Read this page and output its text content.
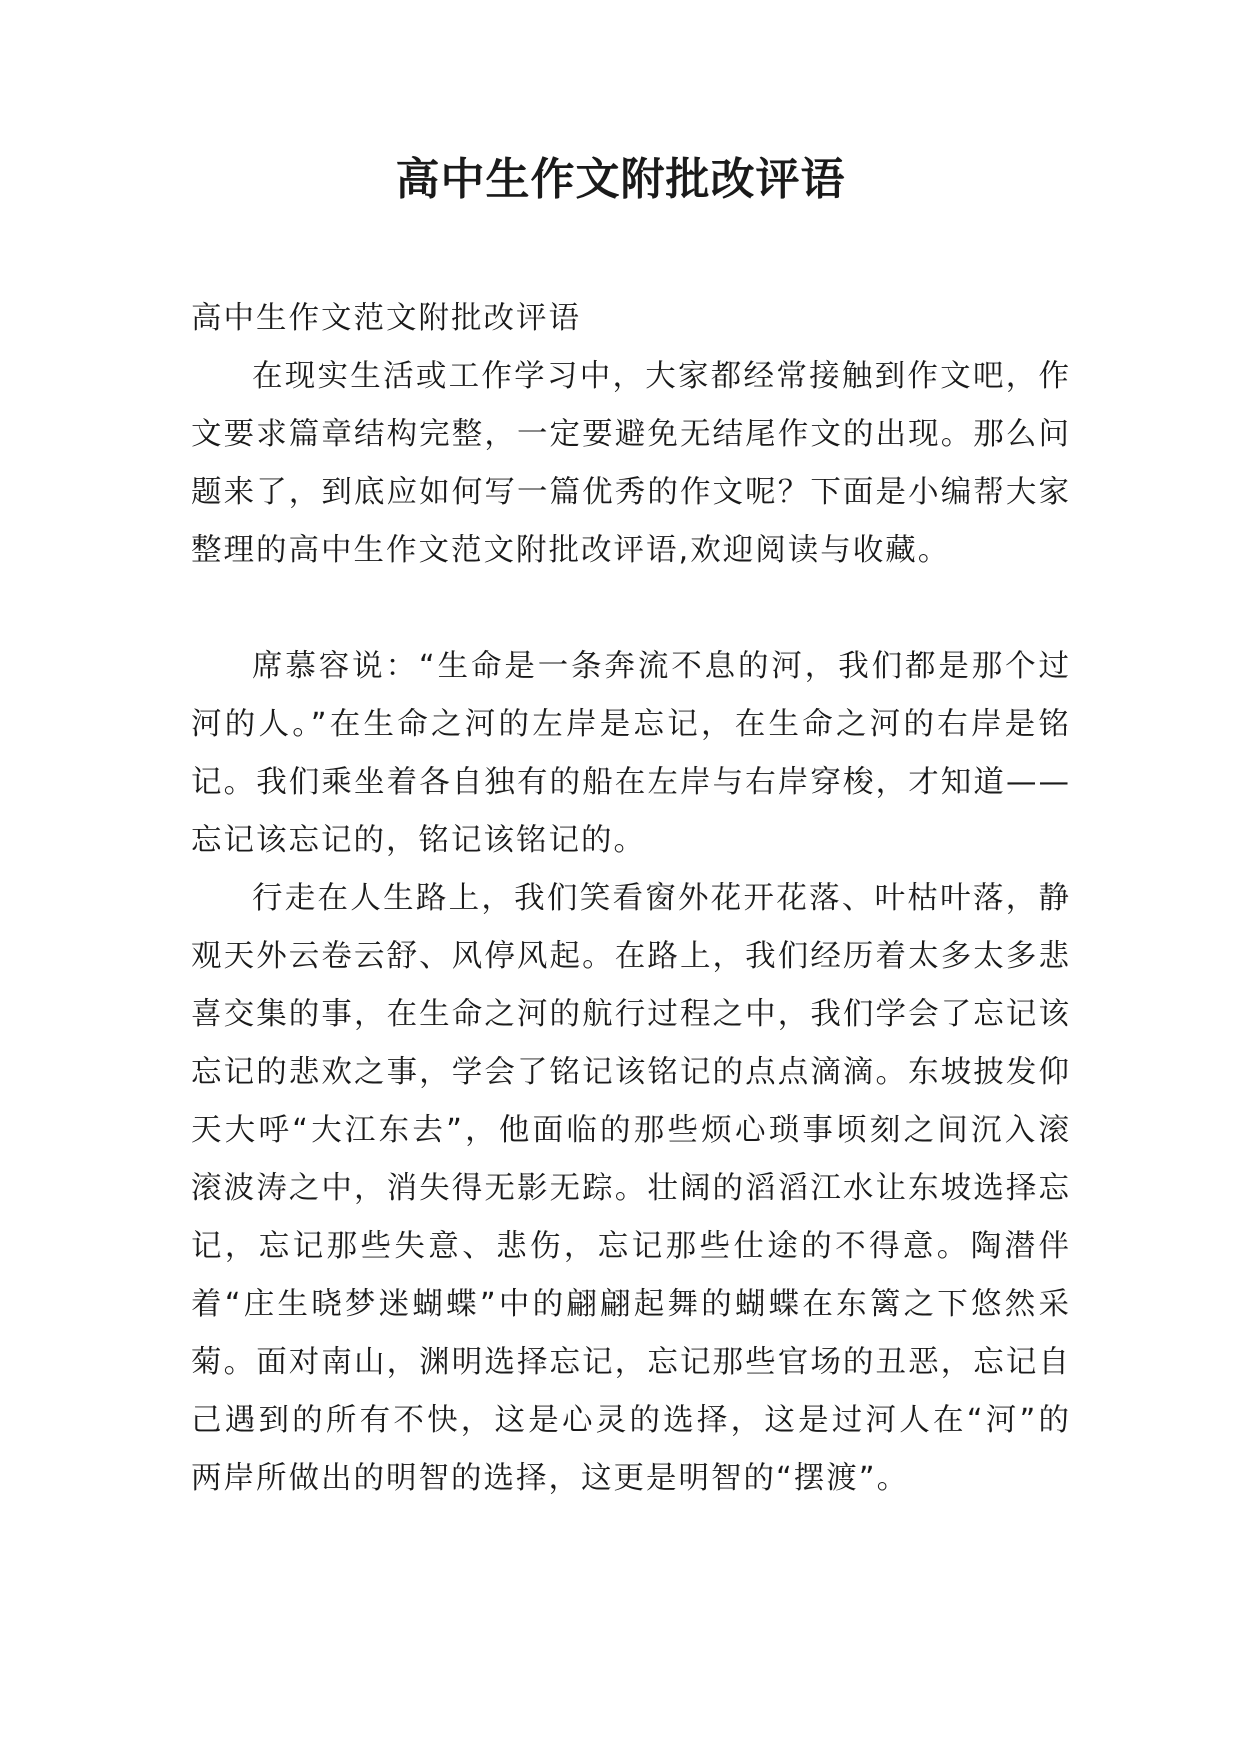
高中生作文附批改评语

高中生作文范文附批改评语

在现实生活或工作学习中，大家都经常接触到作文吧，作文要求篇章结构完整，一定要避免无结尾作文的出现。那么问题来了，到底应如何写一篇优秀的作文呢？下面是小编帮大家整理的高中生作文范文附批改评语,欢迎阅读与收藏。

席慕容说：“生命是一条奔流不息的河，我们都是那个过河的人。”在生命之河的左岸是忘记，在生命之河的右岸是铭记。我们乘坐着各自独有的船在左岸与右岸穿梭，才知道——忘记该忘记的，铭记该铭记的。

行走在人生路上，我们笑看窗外花开花落、叶枯叶落，静观天外云卷云舒、风停风起。在路上，我们经历着太多太多悲喜交集的事，在生命之河的航行过程之中，我们学会了忘记该忘记的悲欢之事，学会了铭记该铭记的点点滴滴。东坡披发仰天大呼“大江东去”，他面临的那些烦心琐事顷刻之间沉入滚滚波涛之中，消失得无影无踪。壮阔的滔滔江水让东坡选择忘记，忘记那些失意、悲伤，忘记那些仕途的不得意。陶潜伴着“庄生晓梦迷蝴蝶”中的翩翩起舞的蝴蝶在东篱之下悠然采菊。面对南山，渊明选择忘记，忘记那些官场的丑恶，忘记自己遇到的所有不快，这是心灵的选择，这是过河人在“河”的两岸所做出的明智的选择，这更是明智的“摆渡”。
